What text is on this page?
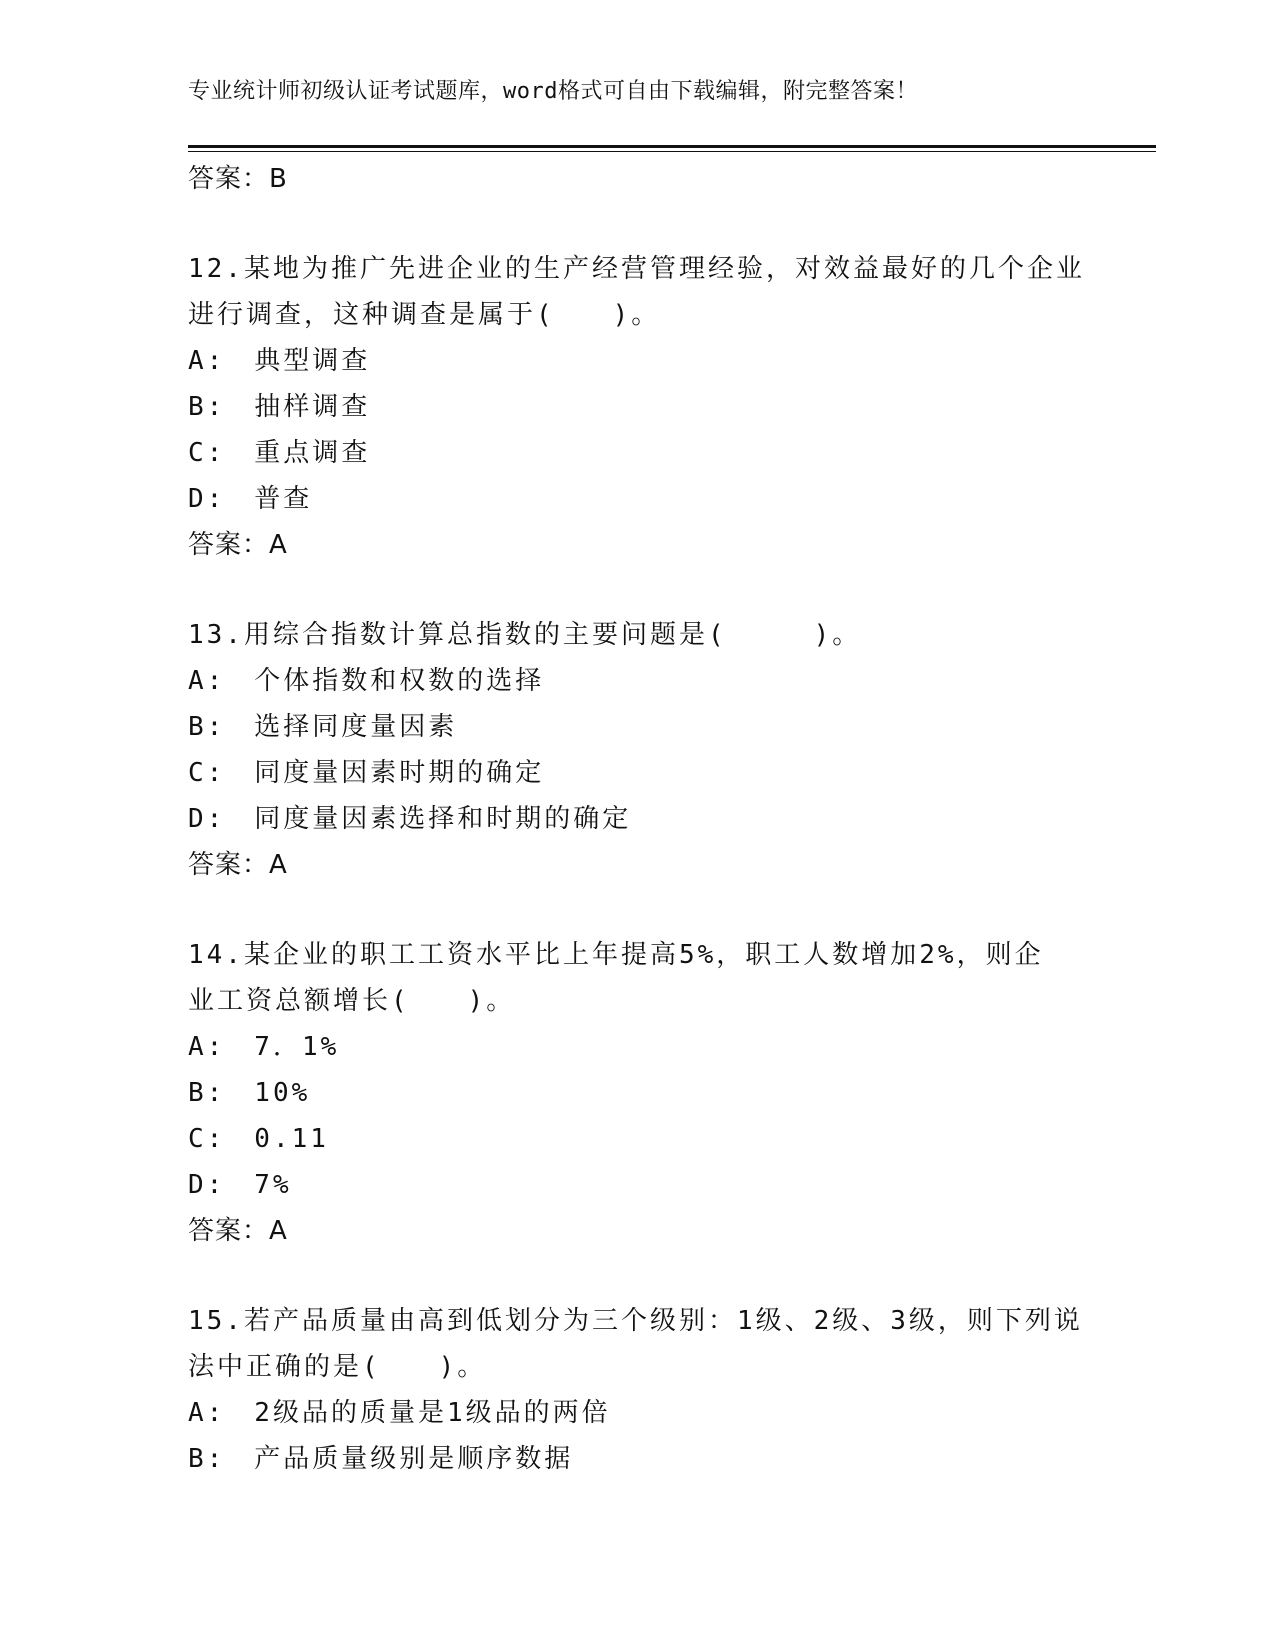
专业统计师初级认证考试题库，word格式可自由下载编辑，附完整答案！
答案：B
12.某地为推广先进企业的生产经营管理经验，对效益最好的几个企业
进行调查，这种调查是属于(　　)。
A:　典型调查
B:　抽样调查
C:　重点调查
D:　普查
答案：A
13.用综合指数计算总指数的主要问题是(　　　)。
A:　个体指数和权数的选择
B:　选择同度量因素
C:　同度量因素时期的确定
D:　同度量因素选择和时期的确定
答案：A
14.某企业的职工工资水平比上年提高5%，职工人数增加2%，则企
业工资总额增长(　　)。
A:　7．1%
B:　10%
C:　0.11
D:　7%
答案：A
15.若产品质量由高到低划分为三个级别：1级、2级、3级，则下列说
法中正确的是(　　)。
A:　2级品的质量是1级品的两倍
B:　产品质量级别是顺序数据
